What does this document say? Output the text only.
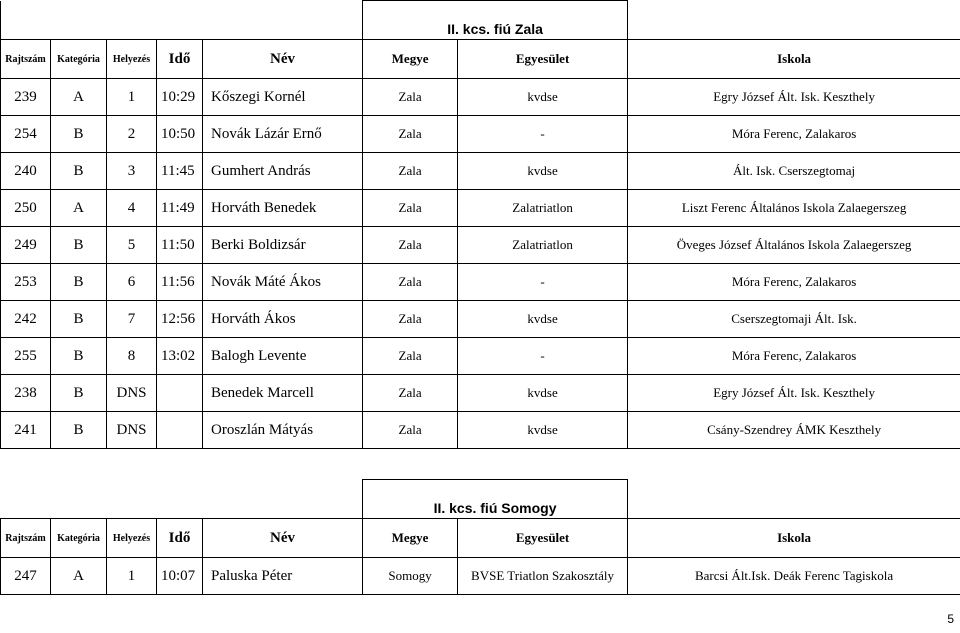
					II. kcs. fiú Zala		
Rajtszám	Kategória	Helyezés	Idő	Név	Megye	Egyesület	Iskola
239	A	1	10:29	Kőszegi Kornél	Zala	kvdse	Egry József Ált. Isk. Keszthely
254	B	2	10:50	Novák Lázár Ernő	Zala	-	Móra Ferenc, Zalakaros
240	B	3	11:45	Gumhert András	Zala	kvdse	Ált. Isk. Cserszegtomaj
250	A	4	11:49	Horváth Benedek	Zala	Zalatriatlon	Liszt Ferenc Általános Iskola Zalaegerszeg
249	B	5	11:50	Berki Boldizsár	Zala	Zalatriatlon	Öveges József Általános Iskola Zalaegerszeg
253	B	6	11:56	Novák Máté Ákos	Zala	-	Móra Ferenc, Zalakaros
242	B	7	12:56	Horváth Ákos	Zala	kvdse	Cserszegtomaji Ált. Isk.
255	B	8	13:02	Balogh Levente	Zala	-	Móra Ferenc, Zalakaros
238	B	DNS		Benedek Marcell	Zala	kvdse	Egry József Ált. Isk. Keszthely
241	B	DNS		Oroszlán Mátyás	Zala	kvdse	Csány-Szendrey ÁMK Keszthely
					II. kcs. fiú Somogy		
Rajtszám	Kategória	Helyezés	Idő	Név	Megye	Egyesület	Iskola
247	A	1	10:07	Paluska Péter	Somogy	BVSE Triatlon Szakosztály	Barcsi Ált.Isk. Deák Ferenc Tagiskola
5
